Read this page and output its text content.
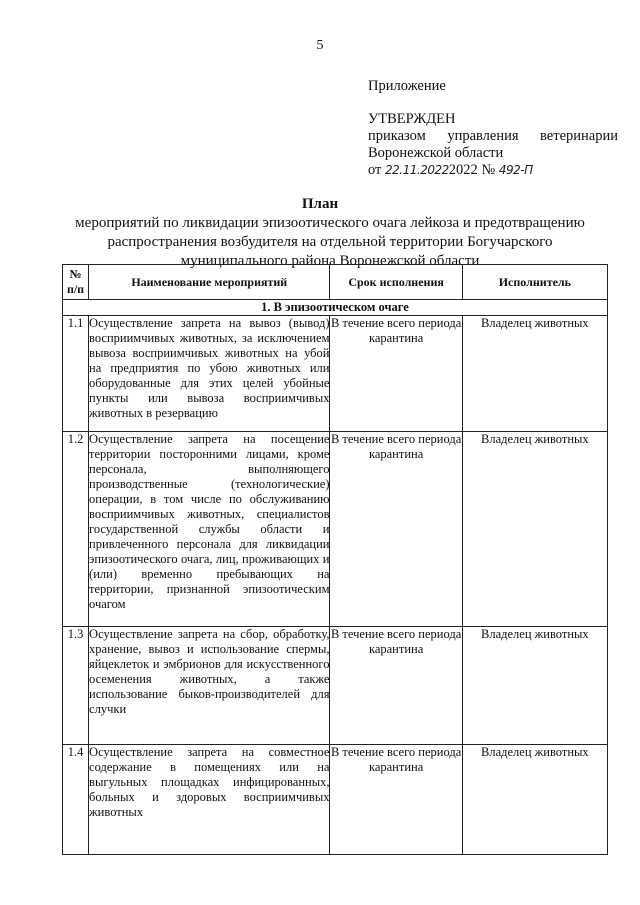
5
Приложение
УТВЕРЖДЕН
приказом управления ветеринарии
Воронежской области
от 22.11.20222022 № 492-П
План
мероприятий по ликвидации эпизоотического очага лейкоза и предотвращению распространения возбудителя на отдельной территории Богучарского муниципального района Воронежской области
№ п/п	Наименование мероприятий	Срок исполнения	Исполнитель
1. В эпизоотическом очаге			
1.1	Осуществление запрета на вывоз (вывод) восприимчивых животных, за исключением вывоза восприимчивых животных на убой на предприятия по убою животных или оборудованные для этих целей убойные пункты или вывоза восприимчивых животных в резервацию	В течение всего периода карантина	Владелец животных
1.2	Осуществление запрета на посещение территории посторонними лицами, кроме персонала, выполняющего производственные (технологические) операции, в том числе по обслуживанию восприимчивых животных, специалистов государственной службы области и привлеченного персонала для ликвидации эпизоотического очага, лиц, проживающих и (или) временно пребывающих на территории, признанной эпизоотическим очагом	В течение всего периода карантина	Владелец животных
1.3	Осуществление запрета на сбор, обработку, хранение, вывоз и использование спермы, яйцеклеток и эмбрионов для искусственного осеменения животных, а также использование быков-производителей для случки	В течение всего периода карантина	Владелец животных
1.4	Осуществление запрета на совместное содержание в помещениях или на выгульных площадках инфицированных, больных и здоровых восприимчивых животных	В течение всего периода карантина	Владелец животных
